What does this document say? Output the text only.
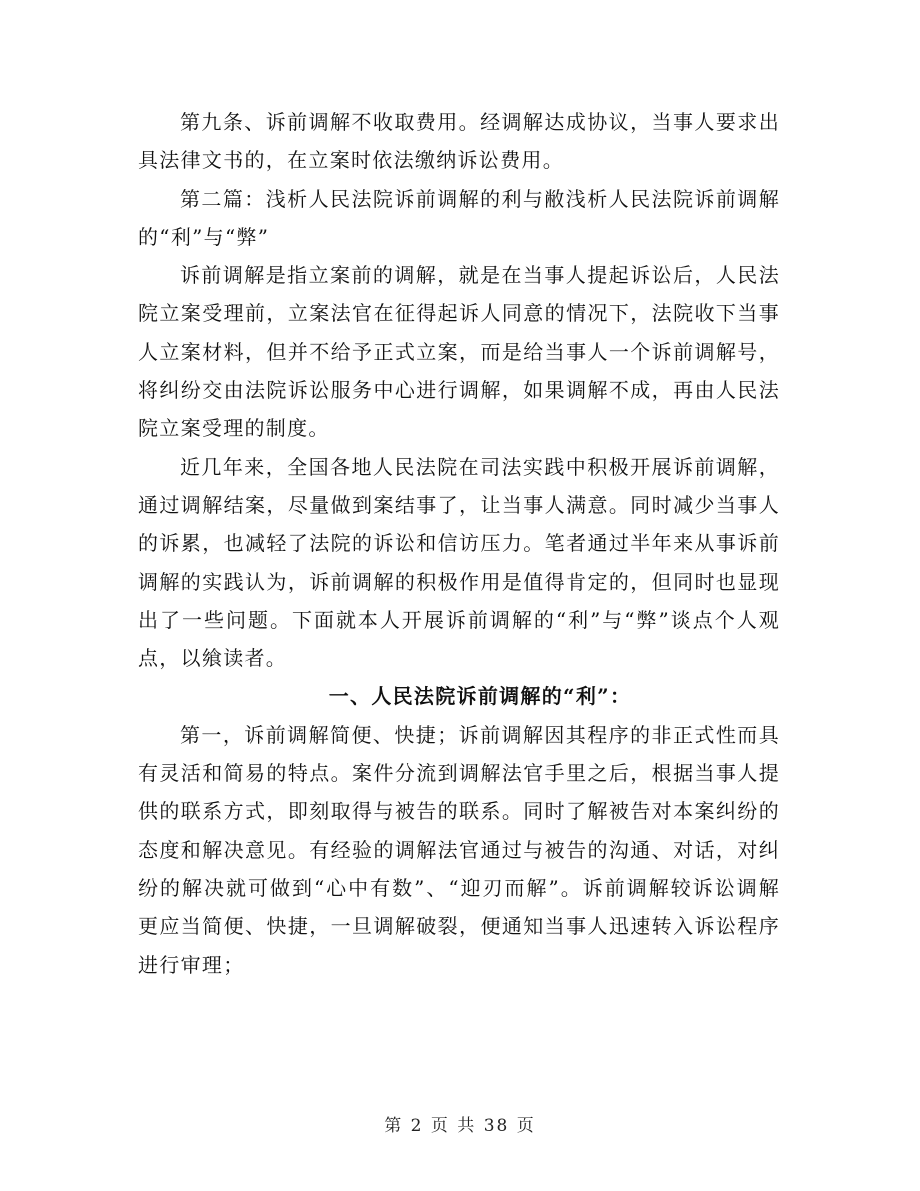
第九条、诉前调解不收取费用。经调解达成协议，当事人要求出具法律文书的，在立案时依法缴纳诉讼费用。

第二篇：浅析人民法院诉前调解的利与敝浅析人民法院诉前调解的“利”与“弊”

诉前调解是指立案前的调解，就是在当事人提起诉讼后，人民法院立案受理前，立案法官在征得起诉人同意的情况下，法院收下当事人立案材料，但并不给予正式立案，而是给当事人一个诉前调解号，将纠纷交由法院诉讼服务中心进行调解，如果调解不成，再由人民法院立案受理的制度。

近几年来，全国各地人民法院在司法实践中积极开展诉前调解，通过调解结案，尽量做到案结事了，让当事人满意。同时减少当事人的诉累，也减轻了法院的诉讼和信访压力。笔者通过半年来从事诉前调解的实践认为，诉前调解的积极作用是值得肯定的，但同时也显现出了一些问题。下面就本人开展诉前调解的“利”与“弊”谈点个人观点，以飨读者。

一、人民法院诉前调解的“利”：

第一，诉前调解简便、快捷；诉前调解因其程序的非正式性而具有灵活和简易的特点。案件分流到调解法官手里之后，根据当事人提供的联系方式，即刻取得与被告的联系。同时了解被告对本案纠纷的态度和解决意见。有经验的调解法官通过与被告的沟通、对话，对纠纷的解决就可做到“心中有数”、“迎刃而解”。诉前调解较诉讼调解更应当简便、快捷，一旦调解破裂，便通知当事人迅速转入诉讼程序进行审理；

第 2 页 共 38 页
